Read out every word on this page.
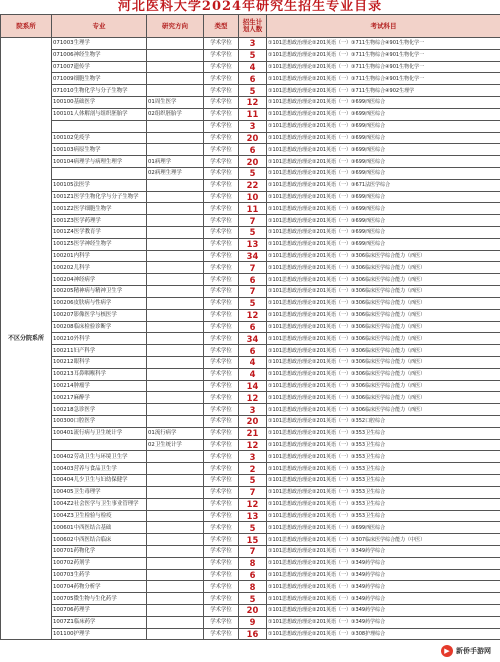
河北医科大学2024年研究生招生专业目录
院系所	专业	研究方向	类型	招生计划人数	考试科目
不区分院系所	071003生理学		学术学位	3	①101思想政治理论②201英语（一）③711生物综合④901生物化学一
	071006神经生物学		学术学位	5	①101思想政治理论②201英语（一）③711生物综合④901生物化学一
	071007遗传学		学术学位	4	①101思想政治理论②201英语（一）③711生物综合④901生物化学一
	071009细胞生物学		学术学位	6	①101思想政治理论②201英语（一）③711生物综合④901生物化学一
	071010生物化学与分子生物学		学术学位	5	①101思想政治理论②201英语（一）③711生物综合④902生理学
	100100基础医学	01周生医学	学术学位	12	①101思想政治理论②201英语（一）③699西医综合
	100101人体解剖与组织胚胎学	02组织胚胎学	学术学位	11	①101思想政治理论②201英语（一）③699西医综合
			学术学位	3	①101思想政治理论②201英语（一）③699西医综合
	100102免疫学		学术学位	20	①101思想政治理论②201英语（一）③699西医综合
	100103病原生物学		学术学位	6	①101思想政治理论②201英语（一）③699西医综合
	100104病理学与病理生理学	01病理学	学术学位	20	①101思想政治理论②201英语（一）③699西医综合
		02病理生理学	学术学位	5	①101思想政治理论②201英语（一）③699西医综合
	100105法医学		学术学位	22	①101思想政治理论②201英语（一）③671法医学综合
	1001Z1医学生物化学与分子生物学		学术学位	10	①101思想政治理论②201英语（一）③699西医综合
	1001Z2医学细胞生物学		学术学位	11	①101思想政治理论②201英语（一）③699西医综合
	1001Z3医学药理学		学术学位	7	①101思想政治理论②201英语（一）③699西医综合
	1001Z4医学教育学		学术学位	5	①101思想政治理论②201英语（一）③699西医综合
	1001Z5医学神经生物学		学术学位	13	①101思想政治理论②201英语（一）③699西医综合
	100201内科学		学术学位	34	①101思想政治理论②201英语（一）③306临床医学综合能力（西医）
	100202儿科学		学术学位	7	①101思想政治理论②201英语（一）③306临床医学综合能力（西医）
	100204神经病学		学术学位	6	①101思想政治理论②201英语（一）③306临床医学综合能力（西医）
	100205精神病与精神卫生学		学术学位	7	①101思想政治理论②201英语（一）③306临床医学综合能力（西医）
	100206皮肤病与性病学		学术学位	5	①101思想政治理论②201英语（一）③306临床医学综合能力（西医）
	100207影像医学与核医学		学术学位	12	①101思想政治理论②201英语（一）③306临床医学综合能力（西医）
	100208临床检验诊断学		学术学位	6	①101思想政治理论②201英语（一）③306临床医学综合能力（西医）
	100210外科学		学术学位	34	①101思想政治理论②201英语（一）③306临床医学综合能力（西医）
	100211妇产科学		学术学位	6	①101思想政治理论②201英语（一）③306临床医学综合能力（西医）
	100212眼科学		学术学位	4	①101思想政治理论②201英语（一）③306临床医学综合能力（西医）
	100213耳鼻咽喉科学		学术学位	4	①101思想政治理论②201英语（一）③306临床医学综合能力（西医）
	100214肿瘤学		学术学位	14	①101思想政治理论②201英语（一）③306临床医学综合能力（西医）
	100217麻醉学		学术学位	12	①101思想政治理论②201英语（一）③306临床医学综合能力（西医）
	100218急诊医学		学术学位	3	①101思想政治理论②201英语（一）③306临床医学综合能力（西医）
	100300口腔医学		学术学位	20	①101思想政治理论②201英语（一）③352口腔综合
	100401流行病与卫生统计学	01流行病学	学术学位	21	①101思想政治理论②201英语（一）③353卫生综合
		02卫生统计学	学术学位	12	①101思想政治理论②201英语（一）③353卫生综合
	100402劳动卫生与环境卫生学		学术学位	3	①101思想政治理论②201英语（一）③353卫生综合
	100403营养与食品卫生学		学术学位	2	①101思想政治理论②201英语（一）③353卫生综合
	100404儿少卫生与妇幼保健学		学术学位	5	①101思想政治理论②201英语（一）③353卫生综合
	100405卫生毒理学		学术学位	7	①101思想政治理论②201英语（一）③353卫生综合
	1004Z2社会医学与卫生事业管理学		学术学位	12	①101思想政治理论②201英语（一）③353卫生综合
	1004Z3卫生检验与检疫		学术学位	13	①101思想政治理论②201英语（一）③353卫生综合
	100601中西医结合基础		学术学位	5	①101思想政治理论②201英语（一）③699西医综合
	100602中西医结合临床		学术学位	15	①101思想政治理论②201英语（一）③307临床医学综合能力（中医）
	100701药物化学		学术学位	7	①101思想政治理论②201英语（一）③349药学综合
	100702药剂学		学术学位	8	①101思想政治理论②201英语（一）③349药学综合
	100703生药学		学术学位	6	①101思想政治理论②201英语（一）③349药学综合
	100704药物分析学		学术学位	8	①101思想政治理论②201英语（一）③349药学综合
	100705微生物与生化药学		学术学位	5	①101思想政治理论②201英语（一）③349药学综合
	100706药理学		学术学位	20	①101思想政治理论②201英语（一）③349药学综合
	1007Z1临床药学		学术学位	9	①101思想政治理论②201英语（一）③349药学综合
	101100护理学		学术学位	16	①101思想政治理论②201英语（一）③308护理综合
▶ 新侨手游网
